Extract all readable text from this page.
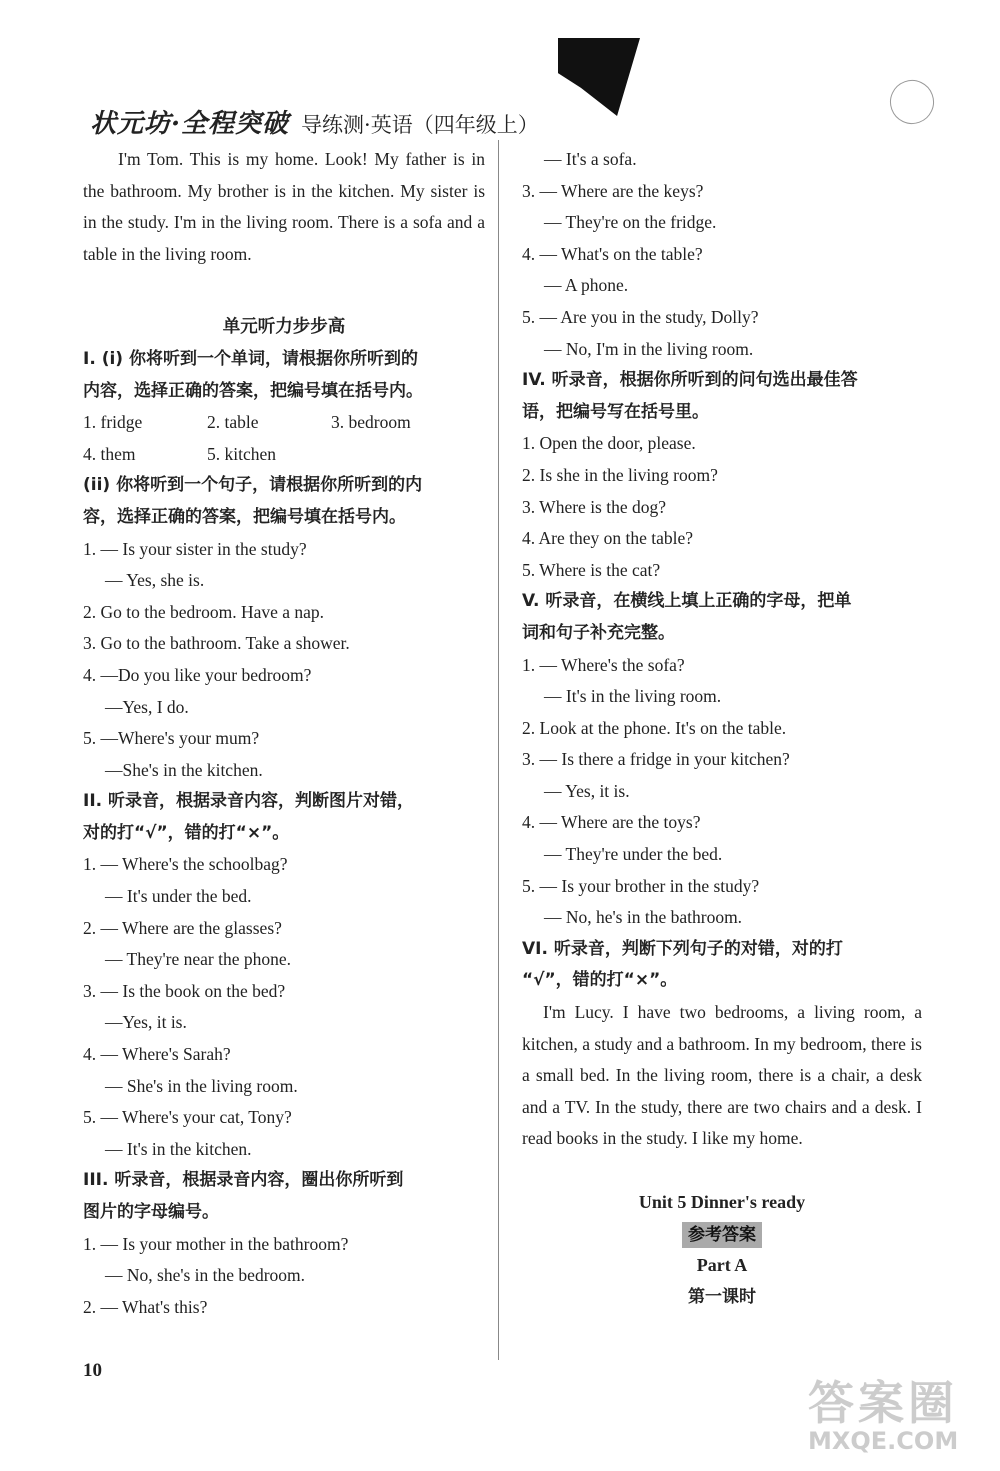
状元坊·全程突破 导练测·英语（四年级上）
I'm Tom. This is my home. Look! My father is in the bathroom. My brother is in the kitchen. My sister is in the study. I'm in the living room. There is a sofa and a table in the living room.
单元听力步步高
I. (i) 你将听到一个单词，请根据你所听到的
内容，选择正确的答案，把编号填在括号内。
1. fridge	2. table	3. bedroom
4. them	5. kitchen
(ii) 你将听到一个句子，请根据你所听到的内
容，选择正确的答案，把编号填在括号内。
1. — Is your sister in the study?
— Yes, she is.
2. Go to the bedroom. Have a nap.
3. Go to the bathroom. Take a shower.
4. —Do you like your bedroom?
—Yes, I do.
5. —Where's your mum?
—She's in the kitchen.
II. 听录音，根据录音内容，判断图片对错，
对的打“√”，错的打“×”。
1. — Where's the schoolbag?
— It's under the bed.
2. — Where are the glasses?
— They're near the phone.
3. — Is the book on the bed?
—Yes, it is.
4. — Where's Sarah?
— She's in the living room.
5. — Where's your cat, Tony?
— It's in the kitchen.
III. 听录音，根据录音内容，圈出你所听到
图片的字母编号。
1. — Is your mother in the bathroom?
— No, she's in the bedroom.
2. — What's this?
— It's a sofa.
3. — Where are the keys?
— They're on the fridge.
4. — What's on the table?
— A phone.
5. — Are you in the study, Dolly?
— No, I'm in the living room.
IV. 听录音，根据你所听到的问句选出最佳答
语，把编号写在括号里。
1. Open the door, please.
2. Is she in the living room?
3. Where is the dog?
4. Are they on the table?
5. Where is the cat?
V. 听录音，在横线上填上正确的字母，把单
词和句子补充完整。
1. — Where's the sofa?
— It's in the living room.
2. Look at the phone. It's on the table.
3. — Is there a fridge in your kitchen?
— Yes, it is.
4. — Where are the toys?
— They're under the bed.
5. — Is your brother in the study?
— No, he's in the bathroom.
VI. 听录音，判断下列句子的对错，对的打
“√”，错的打“×”。
I'm Lucy. I have two bedrooms, a living room, a kitchen, a study and a bathroom. In my bedroom, there is a small bed. In the living room, there is a chair, a desk and a TV. In the study, there are two chairs and a desk. I read books in the study. I like my home.
Unit 5 Dinner's ready
参考答案
Part A
第一课时
10
答案圈
MXQE.COM
